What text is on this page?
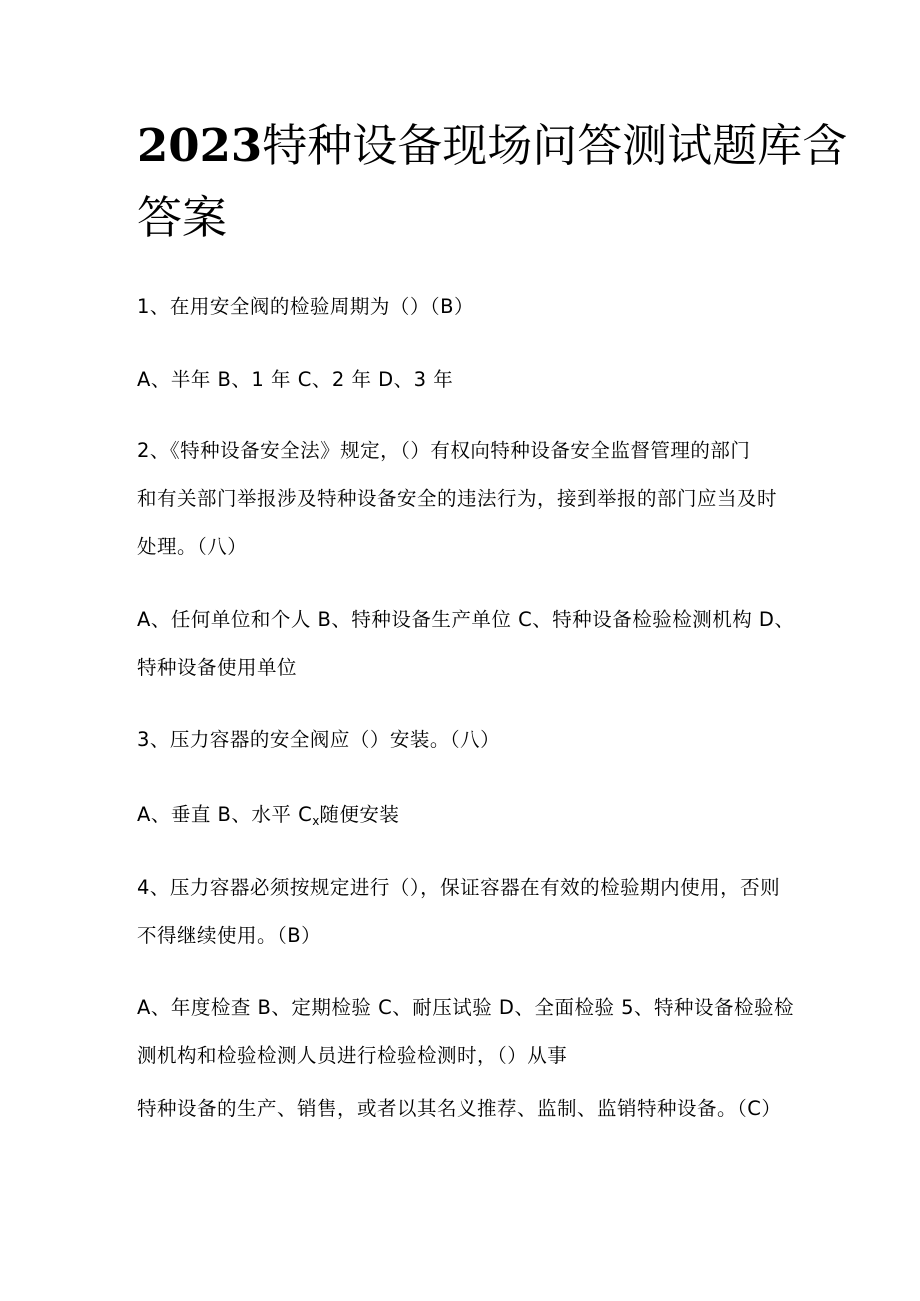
2023特种设备现场问答测试题库含
答案

1、在用安全阀的检验周期为（）（B）

A、半年 B、1 年 C、2 年 D、3 年

2、《特种设备安全法》规定，（）有权向特种设备安全监督管理的部门
和有关部门举报涉及特种设备安全的违法行为，接到举报的部门应当及时
处理。（八）

A、任何单位和个人 B、特种设备生产单位 C、特种设备检验检测机构 D、
特种设备使用单位

3、压力容器的安全阀应（）安装。（八）

A、垂直 B、水平 $C_x$随便安装

4、压力容器必须按规定进行（），保证容器在有效的检验期内使用，否则
不得继续使用。（B）

A、年度检查 B、定期检验 C、耐压试验 D、全面检验 5、特种设备检验检
测机构和检验检测人员进行检验检测时，（）从事

特种设备的生产、销售，或者以其名义推荐、监制、监销特种设备。（C）
